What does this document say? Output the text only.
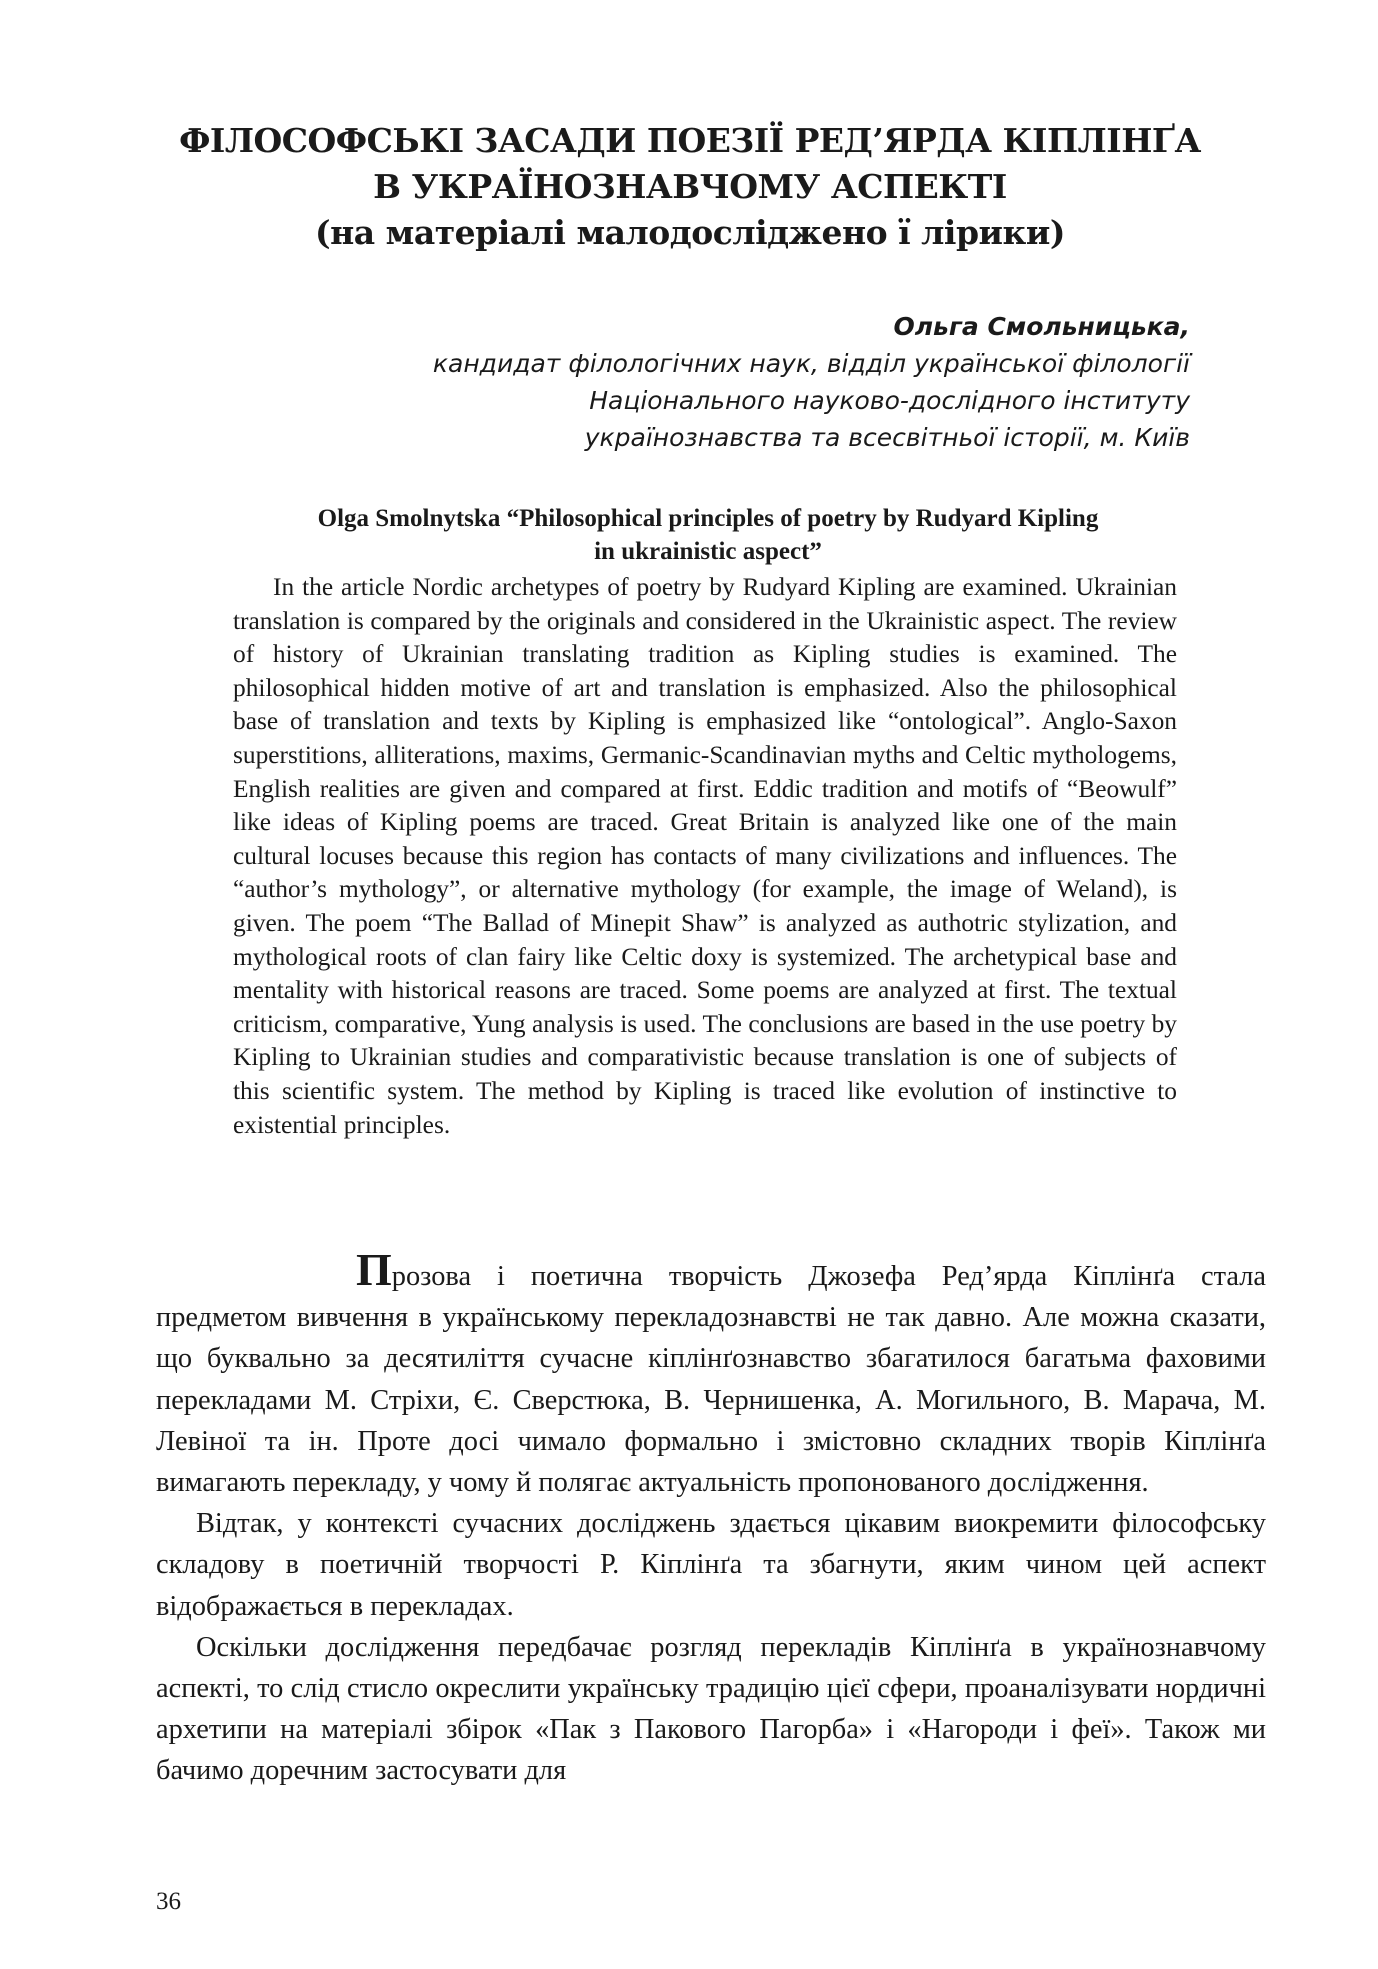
ФІЛОСОФСЬКІ ЗАСАДИ ПОЕЗІЇ РЕД’ЯРДА КІПЛІНҐА
В УКРАЇНОЗНАВЧОМУ АСПЕКТІ
(на матеріалі малодосліджено ї лірики)
Ольга Смольницька,
кандидат філологічних наук, відділ української філології
Національного науково-дослідного інституту
українознавства та всесвітньої історії, м. Київ
Olga Smolnytska “Philosophical principles of poetry by Rudyard Kipling
in ukrainistic aspect”

In the article Nordic archetypes of poetry by Rudyard Kipling are examined. Ukrainian translation is compared by the originals and considered in the Ukrainistic aspect. The review of history of Ukrainian translating tradition as Kipling studies is examined. The philosophical hidden motive of art and translation is emphasized. Also the philosophical base of translation and texts by Kipling is emphasized like “ontological”. Anglo-Saxon superstitions, alliterations, maxims, Germanic-Scandinavian myths and Celtic mythologems, English realities are given and compared at first. Eddic tradition and motifs of “Beowulf” like ideas of Kipling poems are traced. Great Britain is analyzed like one of the main cultural locuses because this region has contacts of many civilizations and influences. The “author’s mythology”, or alternative mythology (for example, the image of Weland), is given. The poem “The Ballad of Minepit Shaw” is analyzed as authotric stylization, and mythological roots of clan fairy like Celtic doxy is systemized. The archetypical base and mentality with historical reasons are traced. Some poems are analyzed at first. The textual criticism, comparative, Yung analysis is used. The conclusions are based in the use poetry by Kipling to Ukrainian studies and comparativistic because translation is one of subjects of this scientific system. The method by Kipling is traced like evolution of instinctive to existential principles.

Прозова і поетична творчість Джозефа Ред’ярда Кіплінґа стала предметом вивчення в українському перекладознавстві не так давно. Але можна сказати, що буквально за десятиліття сучасне кіплінґознавство збагатилося багатьма фаховими перекладами М. Стріхи, Є. Сверстюка, В. Чернишенка, А. Могильного, В. Марача, М. Левіної та ін. Проте досі чимало формально і змістовно складних творів Кіплінґа вимагають перекладу, у чому й полягає актуальність пропонованого дослідження.

Відтак, у контексті сучасних досліджень здається цікавим виокремити філософську складову в поетичній творчості Р. Кіплінґа та збагнути, яким чином цей аспект відображається в перекладах.

Оскільки дослідження передбачає розгляд перекладів Кіплінґа в українознавчому аспекті, то слід стисло окреслити українську традицію цієї сфери, проаналізувати нордичні архетипи на матеріалі збірок «Пак з Пакового Пагорба» і «Нагороди і феї». Також ми бачимо доречним застосувати для

36
